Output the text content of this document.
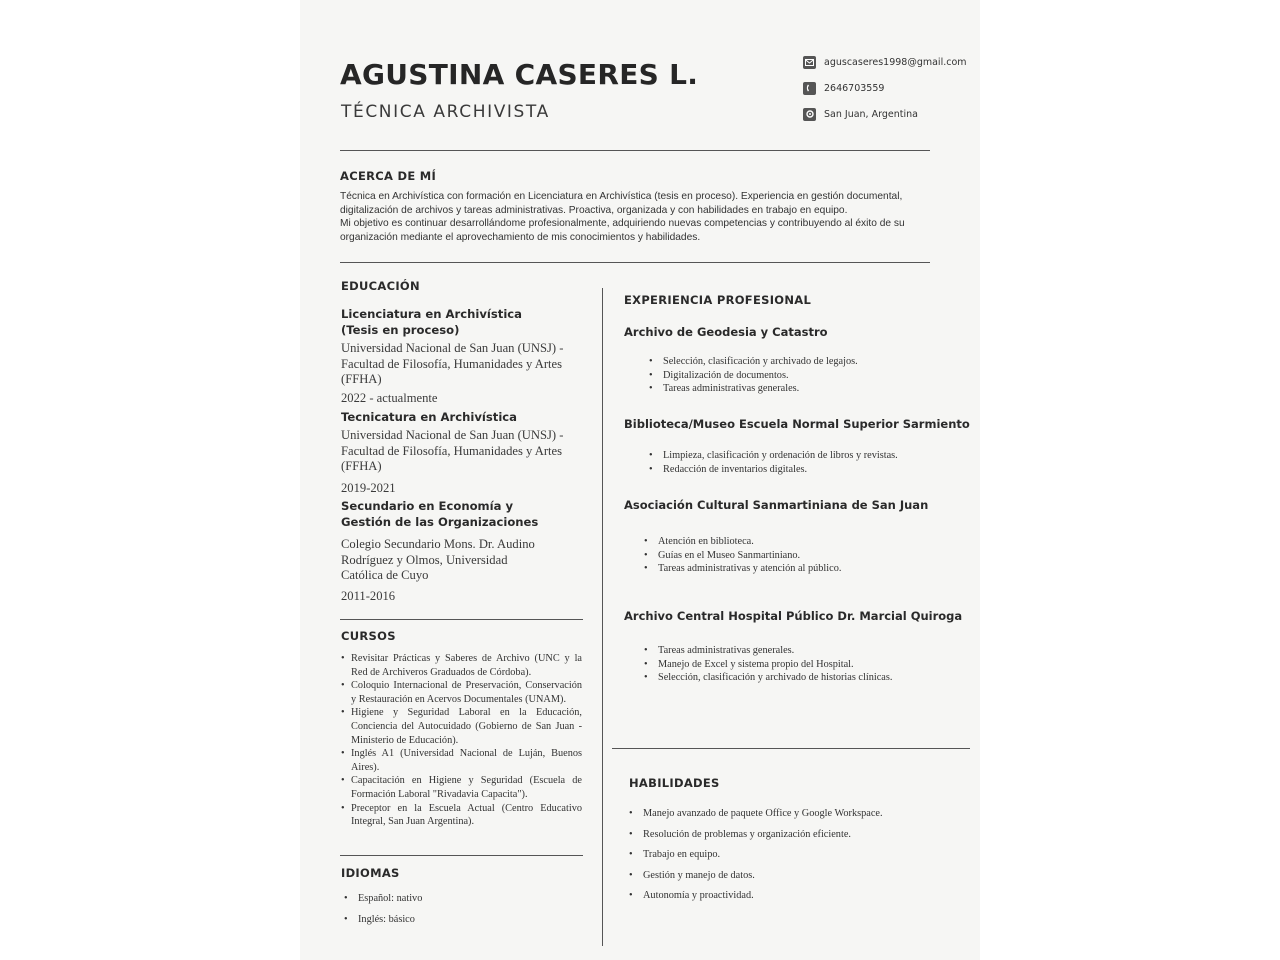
AGUSTINA CASERES L.
TÉCNICA ARCHIVISTA
aguscaseres1998@gmail.com
2646703559
San Juan, Argentina
ACERCA DE MÍ

Técnica en Archivística con formación en Licenciatura en Archivística (tesis en proceso). Experiencia en gestión documental,

digitalización de archivos y tareas administrativas. Proactiva, organizada y con habilidades en trabajo en equipo.

Mi objetivo es continuar desarrollándome profesionalmente, adquiriendo nuevas competencias y contribuyendo al éxito de su

organización mediante el aprovechamiento de mis conocimientos y habilidades.

EDUCACIÓN
Licenciatura en Archivística (Tesis en proceso)
Universidad Nacional de San Juan (UNSJ) - Facultad de Filosofía, Humanidades y Artes (FFHA)
2022 - actualmente
Tecnicatura en Archivística
Universidad Nacional de San Juan (UNSJ) - Facultad de Filosofía, Humanidades y Artes (FFHA)
2019-2021
Secundario en Economía y Gestión de las Organizaciones
Colegio Secundario Mons. Dr. Audino Rodríguez y Olmos, Universidad Católica de Cuyo
2011-2016
CURSOS
• Revisitar Prácticas y Saberes de Archivo (UNC y la Red de Archiveros Graduados de Córdoba).
• Coloquio Internacional de Preservación, Conservación y Restauración en Acervos Documentales (UNAM).
• Higiene y Seguridad Laboral en la Educación, Conciencia del Autocuidado (Gobierno de San Juan - Ministerio de Educación).
• Inglés A1 (Universidad Nacional de Luján, Buenos Aires).
• Capacitación en Higiene y Seguridad (Escuela de Formación Laboral "Rivadavia Capacita").
• Preceptor en la Escuela Actual (Centro Educativo Integral, San Juan Argentina).
IDIOMAS
• Español: nativo
• Inglés: básico
EXPERIENCIA PROFESIONAL
Archivo de Geodesia y Catastro
• Selección, clasificación y archivado de legajos.
• Digitalización de documentos.
• Tareas administrativas generales.
Biblioteca/Museo Escuela Normal Superior Sarmiento
• Limpieza, clasificación y ordenación de libros y revistas.
• Redacción de inventarios digitales.
Asociación Cultural Sanmartiniana de San Juan
• Atención en biblioteca.
• Guías en el Museo Sanmartiniano.
• Tareas administrativas y atención al público.
Archivo Central Hospital Público Dr. Marcial Quiroga
• Tareas administrativas generales.
• Manejo de Excel y sistema propio del Hospital.
• Selección, clasificación y archivado de historias clínicas.
HABILIDADES
• Manejo avanzado de paquete Office y Google Workspace.
• Resolución de problemas y organización eficiente.
• Trabajo en equipo.
• Gestión y manejo de datos.
• Autonomía y proactividad.
